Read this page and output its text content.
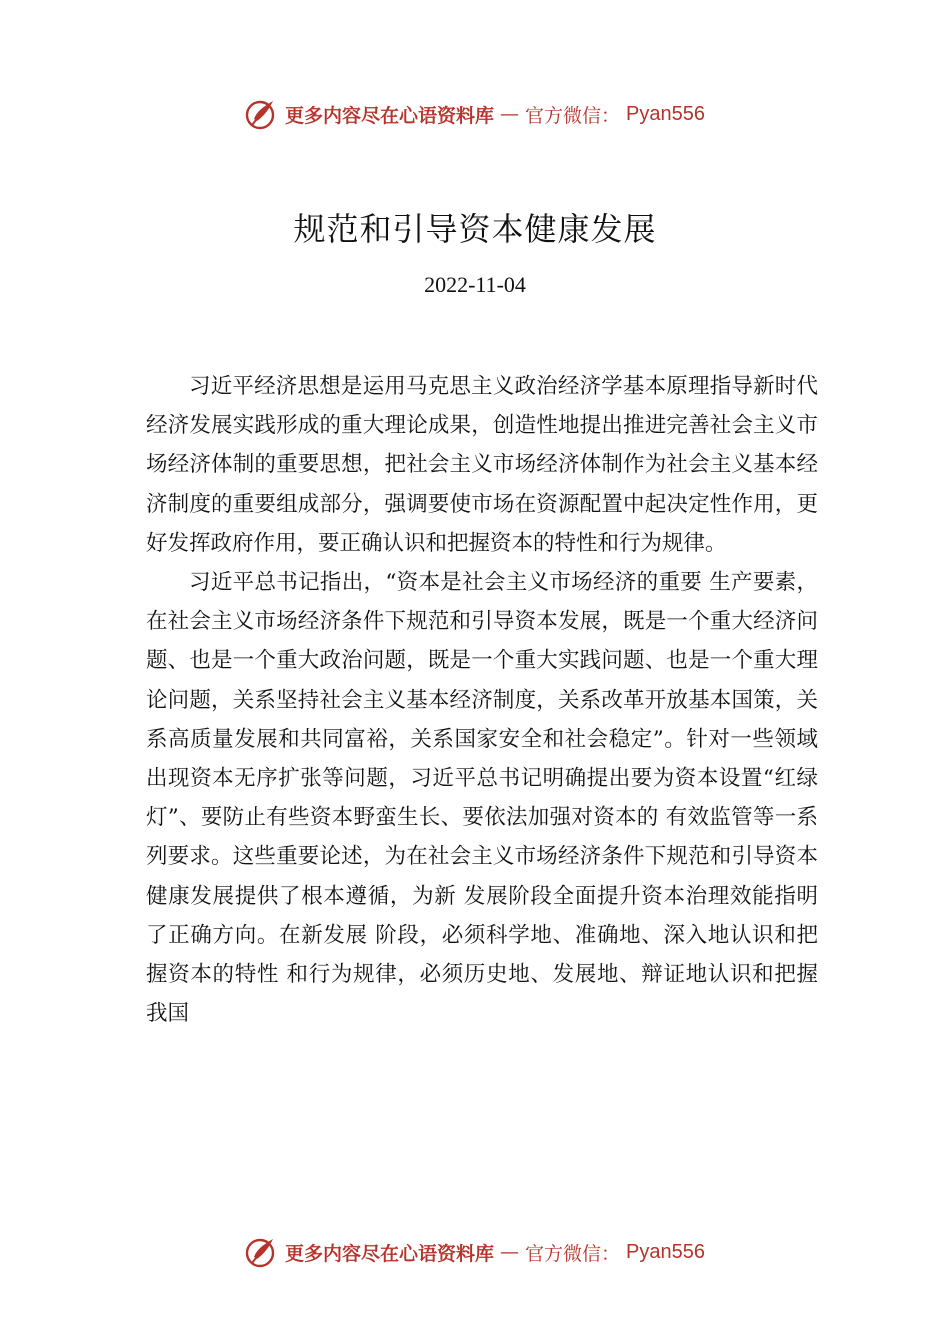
更多内容尽在心语资料库 — 官方微信： Pyan556
规范和引导资本健康发展
2022-11-04

习近平经济思想是运用马克思主义政治经济学基本原理指导新时代经济发展实践形成的重大理论成果，创造性地提出推进完善社会主义市场经济体制的重要思想，把社会主义市场经济体制作为社会主义基本经济制度的重要组成部分，强调要使市场在资源配置中起决定性作用，更好发挥政府作用，要正确认识和把握资本的特性和行为规律。

习近平总书记指出，“资本是社会主义市场经济的重要 生产要素，在社会主义市场经济条件下规范和引导资本发展，既是一个重大经济问题、也是一个重大政治问题，既是一个重大实践问题、也是一个重大理论问题，关系坚持社会主义基本经济制度，关系改革开放基本国策，关系高质量发展和共同富裕，关系国家安全和社会稳定”。针对一些领域出现资本无序扩张等问题，习近平总书记明确提出要为资本设置“红绿灯”、要防止有些资本野蛮生长、要依法加强对资本的 有效监管等一系列要求。这些重要论述，为在社会主义市场经济条件下规范和引导资本健康发展提供了根本遵循，为新 发展阶段全面提升资本治理效能指明了正确方向。在新发展 阶段，必须科学地、准确地、深入地认识和把握资本的特性 和行为规律，必须历史地、发展地、辩证地认识和把握我国

更多内容尽在心语资料库 — 官方微信： Pyan556
